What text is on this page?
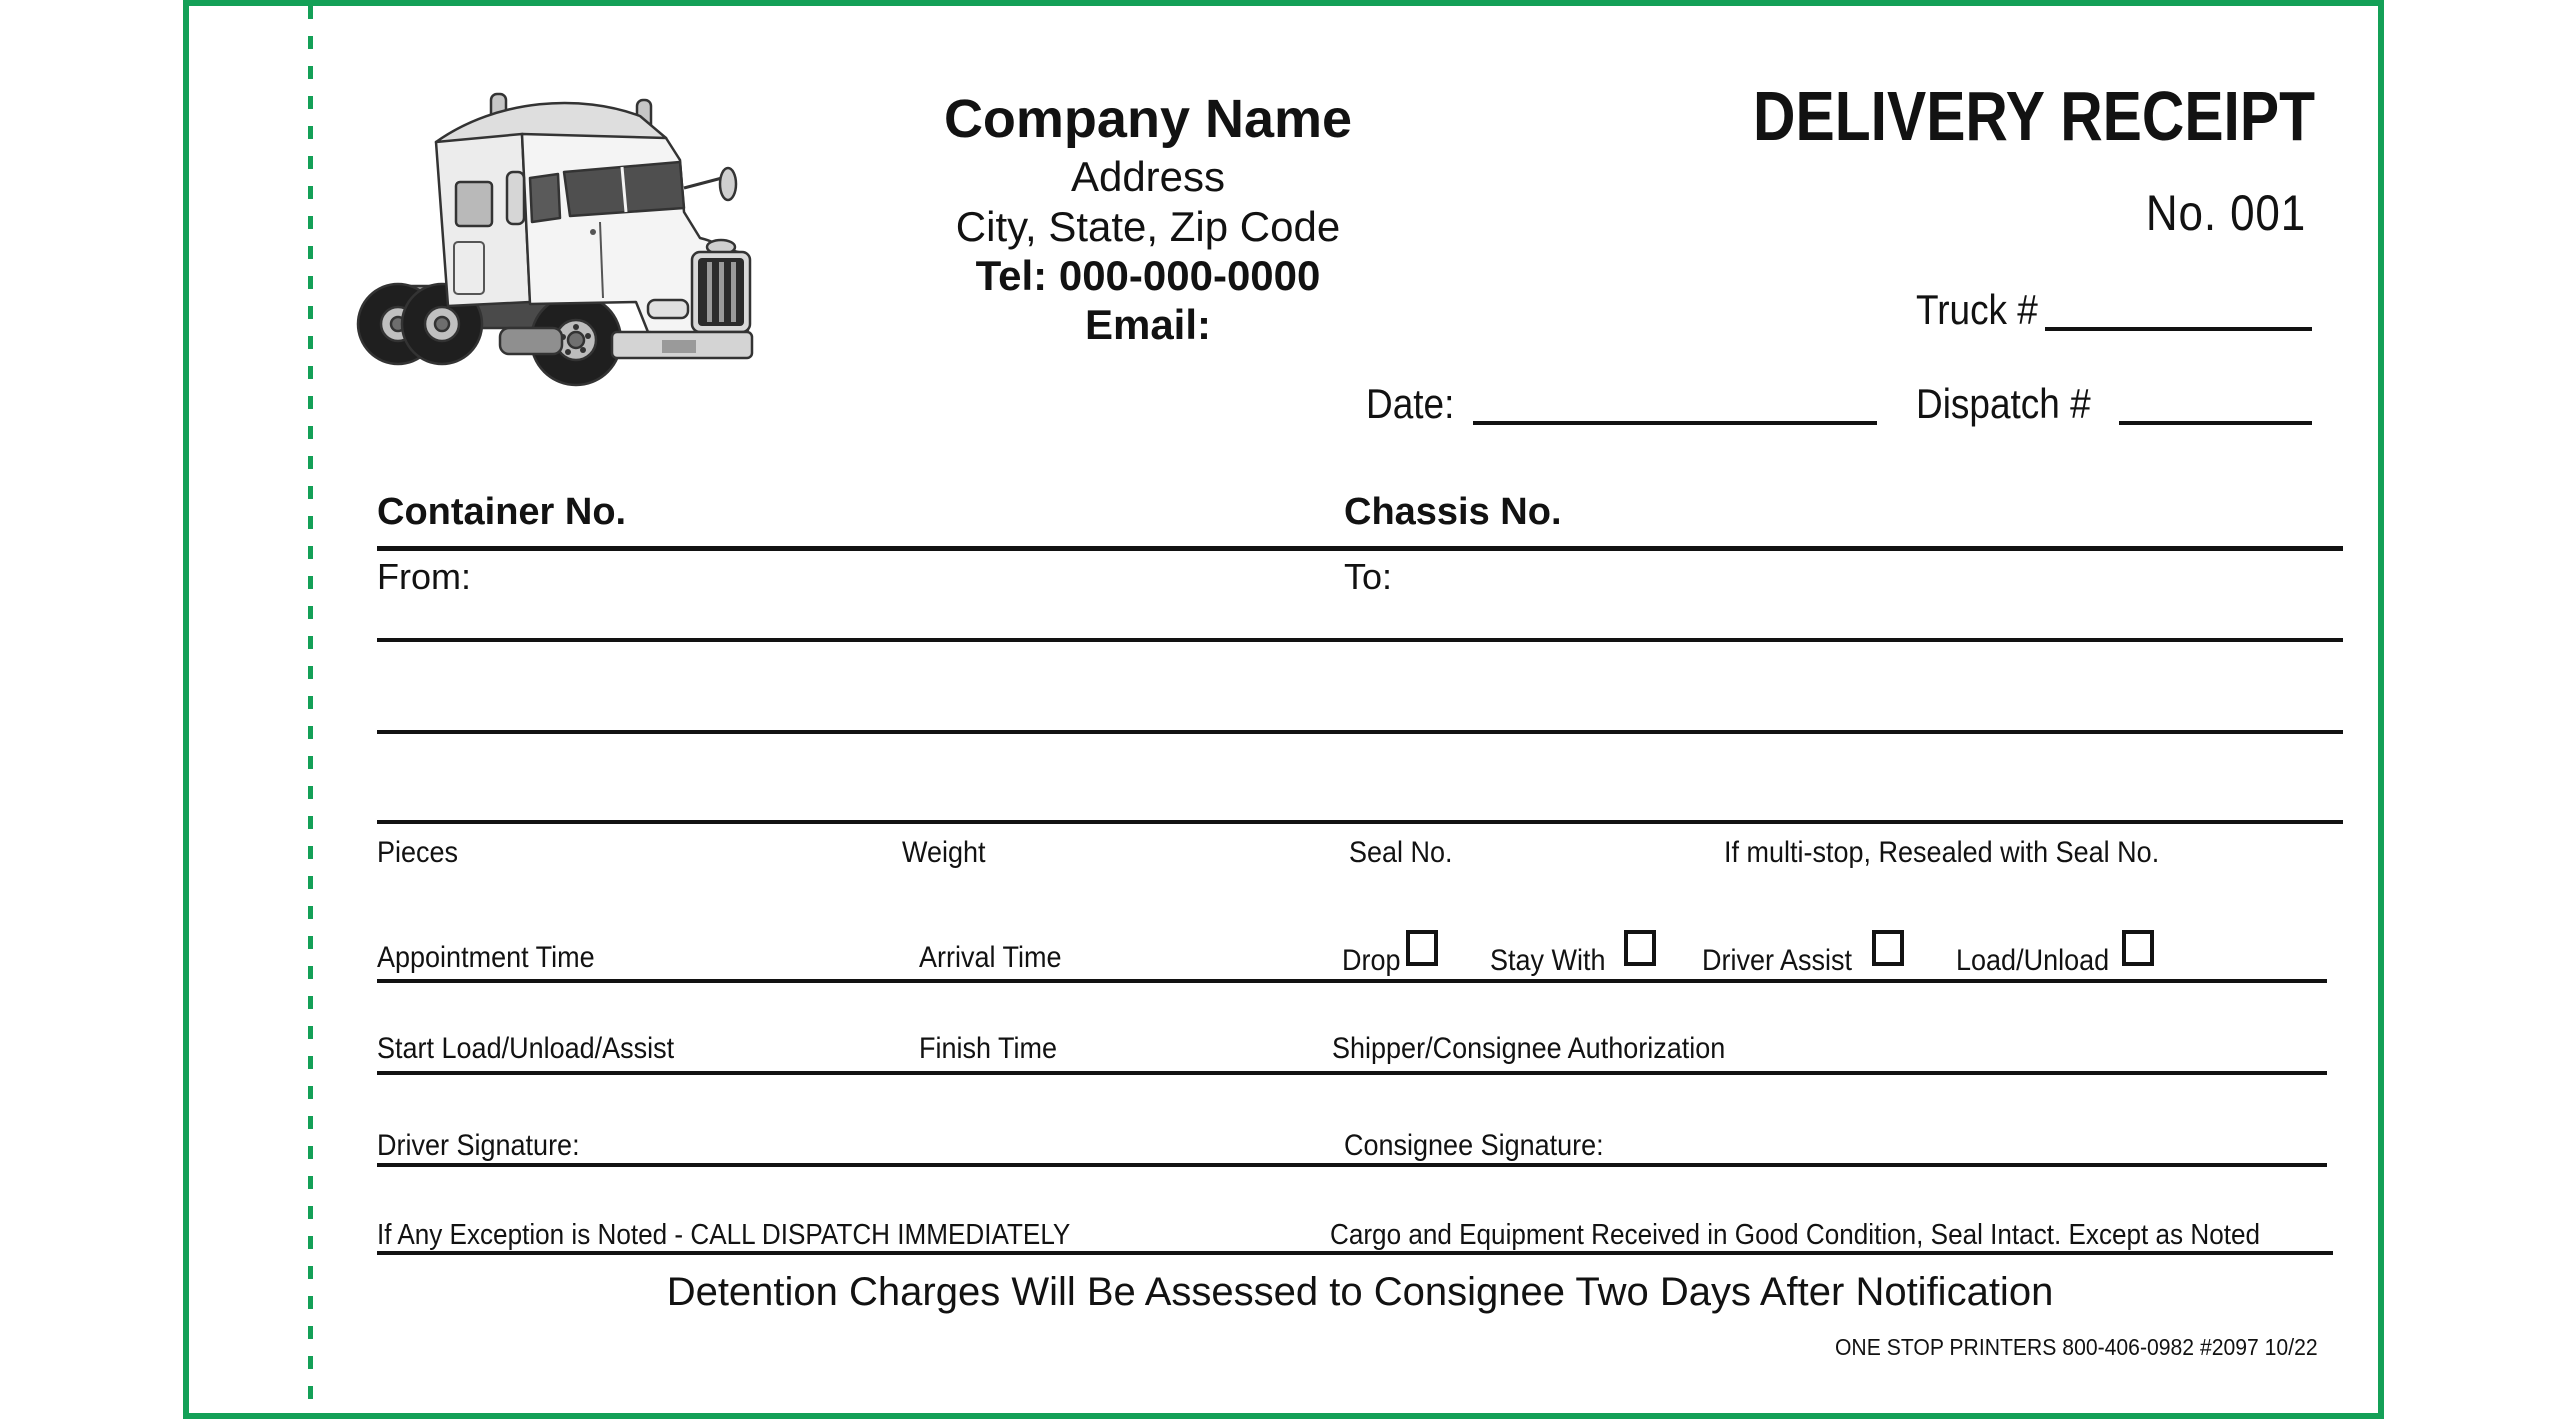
Company Name
Address
City, State, Zip Code
Tel: 000-000-0000
Email:
DELIVERY RECEIPT
No. 001
Truck #
Date:	Dispatch #
Container No.	Chassis No.
From:	To:
Pieces	Weight	Seal No.	If multi-stop, Resealed with Seal No.
Appointment Time	Arrival Time	Drop	Stay With	Driver Assist	Load/Unload
Start Load/Unload/Assist	Finish Time	Shipper/Consignee Authorization
Driver Signature:	Consignee Signature:
If Any Exception is Noted - CALL DISPATCH IMMEDIATELY	Cargo and Equipment Received in Good Condition, Seal Intact. Except as Noted
Detention Charges Will Be Assessed to Consignee Two Days After Notification
ONE STOP PRINTERS 800-406-0982 #2097 10/22
